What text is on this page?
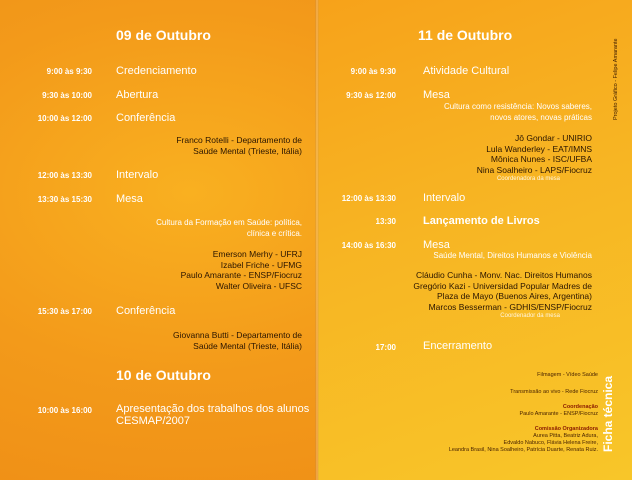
09 de Outubro
9:00 às 9:30 Credenciamento
9:30 às 10:00 Abertura
10:00 às 12:00 Conferência
Franco Rotelli - Departamento de
Saúde Mental (Trieste, Itália)
12:00 às 13:30 Intervalo
13:30 às 15:30 Mesa
Cultura da Formação em Saúde: política,
clínica e crítica.
Emerson Merhy - UFRJ
Izabel Friche - UFMG
Paulo Amarante - ENSP/Fiocruz
Walter Oliveira - UFSC
15:30 às 17:00 Conferência
Giovanna Butti - Departamento de
Saúde Mental (Trieste, Itália)
10 de Outubro
10:00 às 16:00 Apresentação dos trabalhos dos alunos
CESMAP/2007
11 de Outubro
9:00 às 9:30 Atividade Cultural
9:30 às 12:00 Mesa
Cultura como resistência: Novos saberes,
novos atores, novas práticas
Jô Gondar - UNIRIO
Lula Wanderley - EAT/IMNS
Mônica Nunes - ISC/UFBA
Nina Soalheiro - LAPS/Fiocruz
Coordenadora da mesa
12:00 às 13:30 Intervalo
13:30 Lançamento de Livros
14:00 às 16:30 Mesa
Saúde Mental, Direitos Humanos e Violência
Cláudio Cunha - Monv. Nac. Direitos Humanos
Gregório Kazi - Universidad Popular Madres de
Plaza de Mayo (Buenos Aires, Argentina)
Marcos Besserman - GDHIS/ENSP/Fiocruz
Coordenador da mesa
17:00 Encerramento
Filmagem - Vídeo Saúde
Transmissão ao vivo - Rede Fiocruz
Coordenação
Paulo Amarante - ENSP/Fiocruz
Comissão Organizadora
Aurea Pitta, Beatriz Adura,
Edvaldo Nabuco, Flávia Helena Freire,
Leandra Brasil, Nina Soalheiro, Patrícia Duarte, Renata Ruiz. Ficha técnica
Projeto Gráfico - Felipe Amarante
